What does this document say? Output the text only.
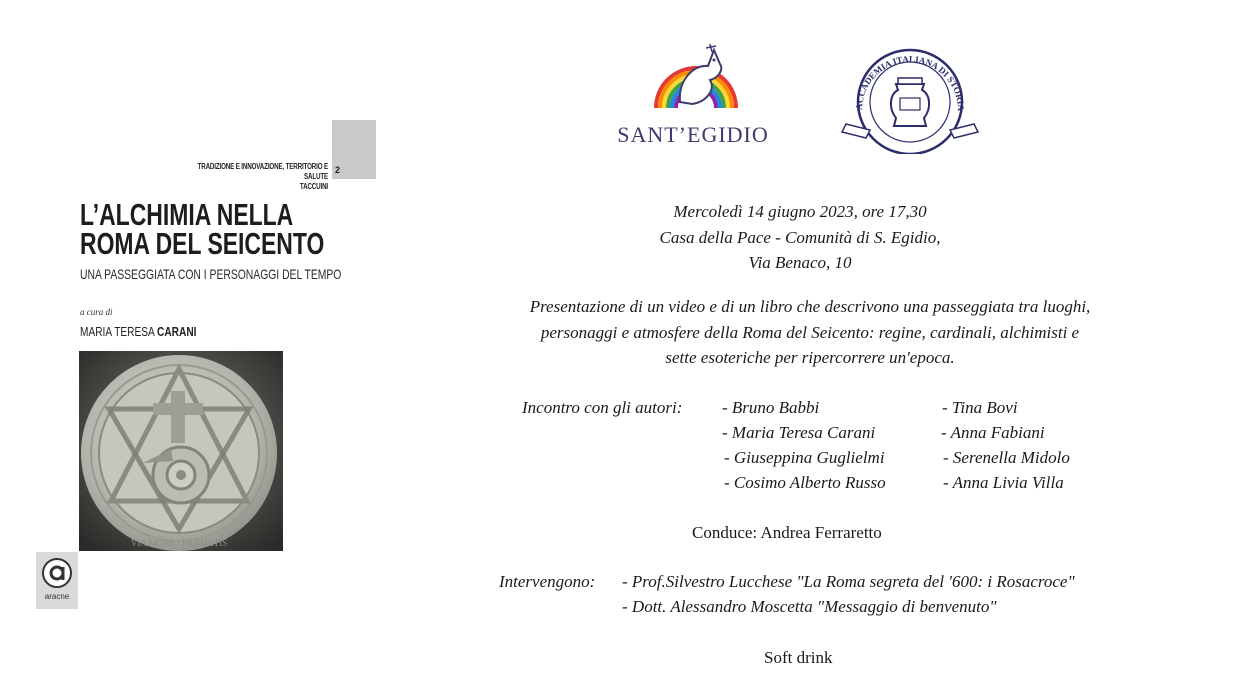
TRADIZIONE E INNOVAZIONE, TERRITORIO E SALUTE
TACCUINI
2
L’ALCHIMIA NELLA
ROMA DEL SEICENTO
UNA PASSEGGIATA CON I PERSONAGGI DEL TEMPO
a cura di
MARIA TERESA CARANI
VIA MONS · HERMETIS
aracne
SANT’EGIDIO
ACCADEMIA ITALIANA DI STORIA
Mercoledì 14 giugno 2023, ore 17,30
Casa della Pace - Comunità di S. Egidio,
Via Benaco, 10
Presentazione di un video e di un libro che descrivono una passeggiata tra luoghi,
personaggi e atmosfere della Roma del Seicento: regine, cardinali, alchimisti e
sette esoteriche per ripercorrere un'epoca.
Incontro con gli autori: - Bruno Babbi
- Maria Teresa Carani
- Giuseppina Guglielmi
- Cosimo Alberto Russo
- Tina Bovi
- Anna Fabiani
- Serenella Midolo
- Anna Livia Villa
Conduce: Andrea Ferraretto
Intervengono: - Prof.Silvestro Lucchese "La Roma segreta del '600: i Rosacroce"
- Dott. Alessandro Moscetta "Messaggio di benvenuto"
Soft drink
